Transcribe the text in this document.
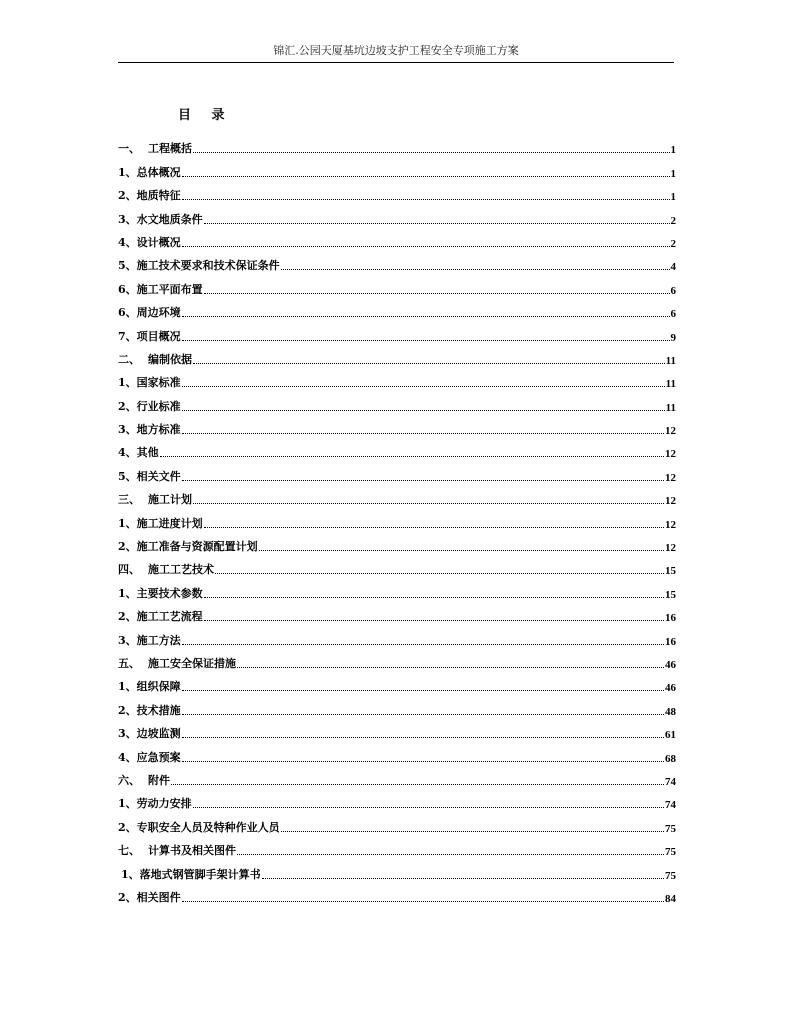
锦汇.公园天厦基坑边坡支护工程安全专项施工方案
目 录
一、 工程概括	1
1、总体概况	1
2、地质特征	1
3、水文地质条件	2
4、设计概况	2
5、施工技术要求和技术保证条件	4
6、施工平面布置	6
6、周边环境	6
7、项目概况	9
二、 编制依据	11
1、国家标准	11
2、行业标准	11
3、地方标准	12
4、其他	12
5、相关文件	12
三、 施工计划	12
1、施工进度计划	12
2、施工准备与资源配置计划	12
四、 施工工艺技术	15
1、主要技术参数	15
2、施工工艺流程	16
3、施工方法	16
五、 施工安全保证措施	46
1、组织保障	46
2、技术措施	48
3、边坡监测	61
4、应急预案	68
六、 附件	74
1、劳动力安排	74
2、专职安全人员及特种作业人员	75
七、 计算书及相关图件	75
1、落地式钢管脚手架计算书	75
2、相关图件	84
